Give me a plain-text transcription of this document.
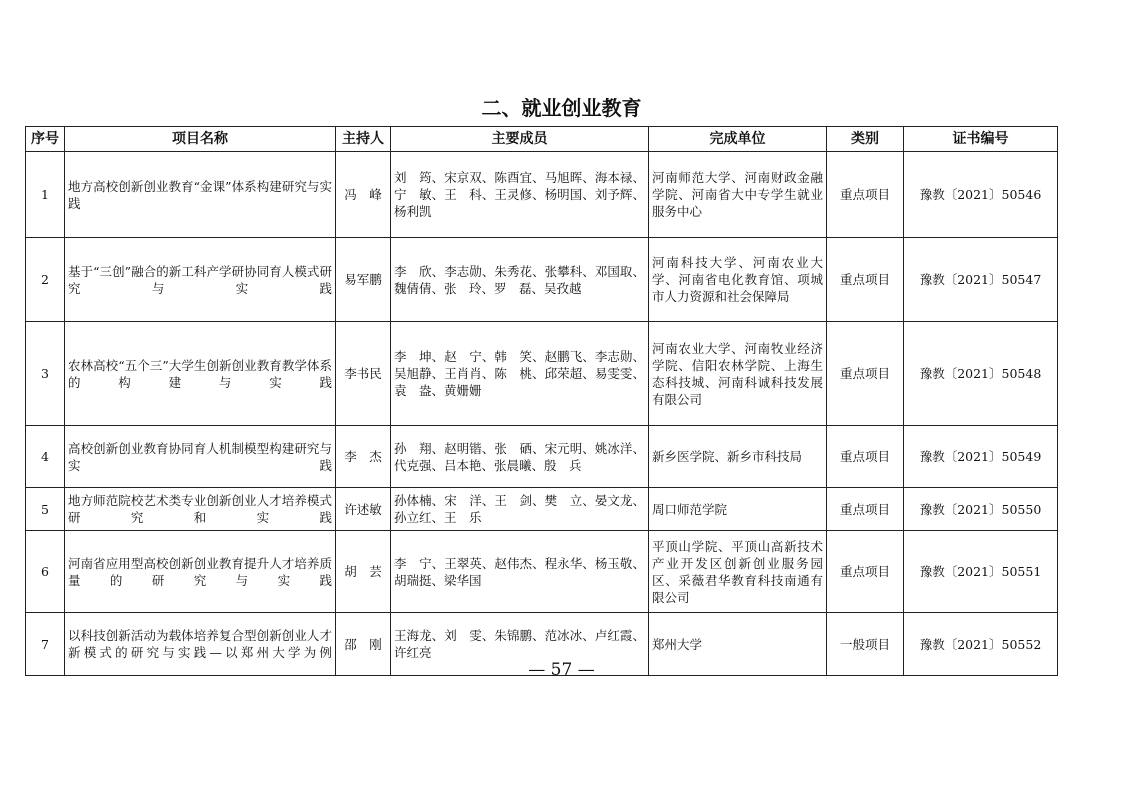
二、就业创业教育
序号	项目名称	主持人	主要成员	完成单位	类别	证书编号
1	地方高校创新创业教育“金课”体系构建研究与实践	冯　峰	刘　筠、宋京双、陈酉宜、马旭晖、海本禄、宁　敏、王　科、王灵修、杨明国、刘予辉、杨利凯	河南师范大学、河南财政金融学院、河南省大中专学生就业服务中心	重点项目	豫教〔2021〕50546
2	基于“三创”融合的新工科产学研协同育人模式研究与实践	易军鹏	李　欣、李志勋、朱秀花、张攀科、邓国取、魏倩倩、张　玲、罗　磊、吴孜越	河南科技大学、河南农业大学、河南省电化教育馆、项城市人力资源和社会保障局	重点项目	豫教〔2021〕50547
3	农林高校“五个三”大学生创新创业教育教学体系的构建与实践	李书民	李　坤、赵　宁、韩　笑、赵鹏飞、李志勋、吴旭静、王肖肖、陈　桃、邱荣超、易雯雯、袁　盎、黄姗姗	河南农业大学、河南牧业经济学院、信阳农林学院、上海生态科技城、河南科诚科技发展有限公司	重点项目	豫教〔2021〕50548
4	高校创新创业教育协同育人机制模型构建研究与实践	李　杰	孙　翔、赵明锴、张　硒、宋元明、姚冰洋、代克强、吕本艳、张晨曦、殷　兵	新乡医学院、新乡市科技局	重点项目	豫教〔2021〕50549
5	地方师范院校艺术类专业创新创业人才培养模式研究和实践	许述敏	孙体楠、宋　洋、王　剑、樊　立、晏文龙、孙立红、王　乐	周口师范学院	重点项目	豫教〔2021〕50550
6	河南省应用型高校创新创业教育提升人才培养质量的研究与实践	胡　芸	李　宁、王翠英、赵伟杰、程永华、杨玉敬、胡瑞挺、梁华国	平顶山学院、平顶山高新技术产业开发区创新创业服务园区、采薇君华教育科技南通有限公司	重点项目	豫教〔2021〕50551
7	以科技创新活动为载体培养复合型创新创业人才新模式的研究与实践—以郑州大学为例	邵　刚	王海龙、刘　雯、朱锦鹏、范冰冰、卢红霞、许红亮	郑州大学	一般项目	豫教〔2021〕50552
— 57 —
